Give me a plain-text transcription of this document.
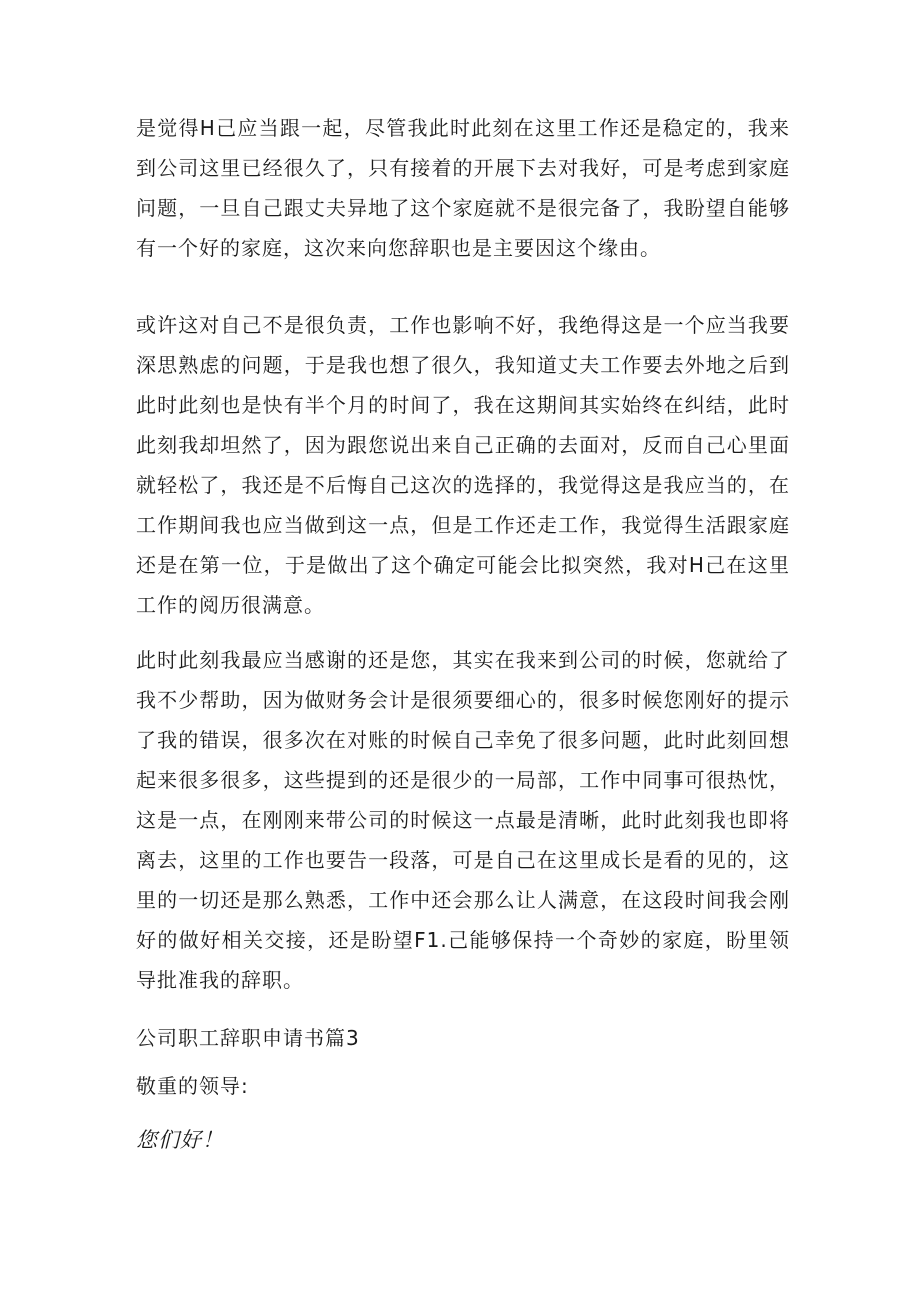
是觉得H己应当跟一起，尽管我此时此刻在这里工作还是稳定的，我来到公司这里已经很久了，只有接着的开展下去对我好，可是考虑到家庭问题，一旦自己跟丈夫异地了这个家庭就不是很完备了，我盼望自能够有一个好的家庭，这次来向您辞职也是主要因这个缘由。

或许这对自己不是很负责，工作也影响不好，我绝得这是一个应当我要深思熟虑的问题，于是我也想了很久，我知道丈夫工作要去外地之后到此时此刻也是快有半个月的时间了，我在这期间其实始终在纠结，此时此刻我却坦然了，因为跟您说出来自己正确的去面对，反而自己心里面就轻松了，我还是不后悔自己这次的选择的，我觉得这是我应当的，在工作期间我也应当做到这一点，但是工作还走工作，我觉得生活跟家庭还是在第一位，于是做出了这个确定可能会比拟突然，我对H己在这里工作的阅历很满意。

此时此刻我最应当感谢的还是您，其实在我来到公司的时候，您就给了我不少帮助，因为做财务会计是很须要细心的，很多时候您刚好的提示了我的错误，很多次在对账的时候自己幸免了很多问题，此时此刻回想起来很多很多，这些提到的还是很少的一局部，工作中同事可很热忱，这是一点，在刚刚来带公司的时候这一点最是清晰，此时此刻我也即将离去，这里的工作也要告一段落，可是自己在这里成长是看的见的，这里的一切还是那么熟悉，工作中还会那么让人满意，在这段时间我会刚好的做好相关交接，还是盼望F1.己能够保持一个奇妙的家庭，盼里领导批准我的辞职。

公司职工辞职申请书篇3

敬重的领导:

您们好！
